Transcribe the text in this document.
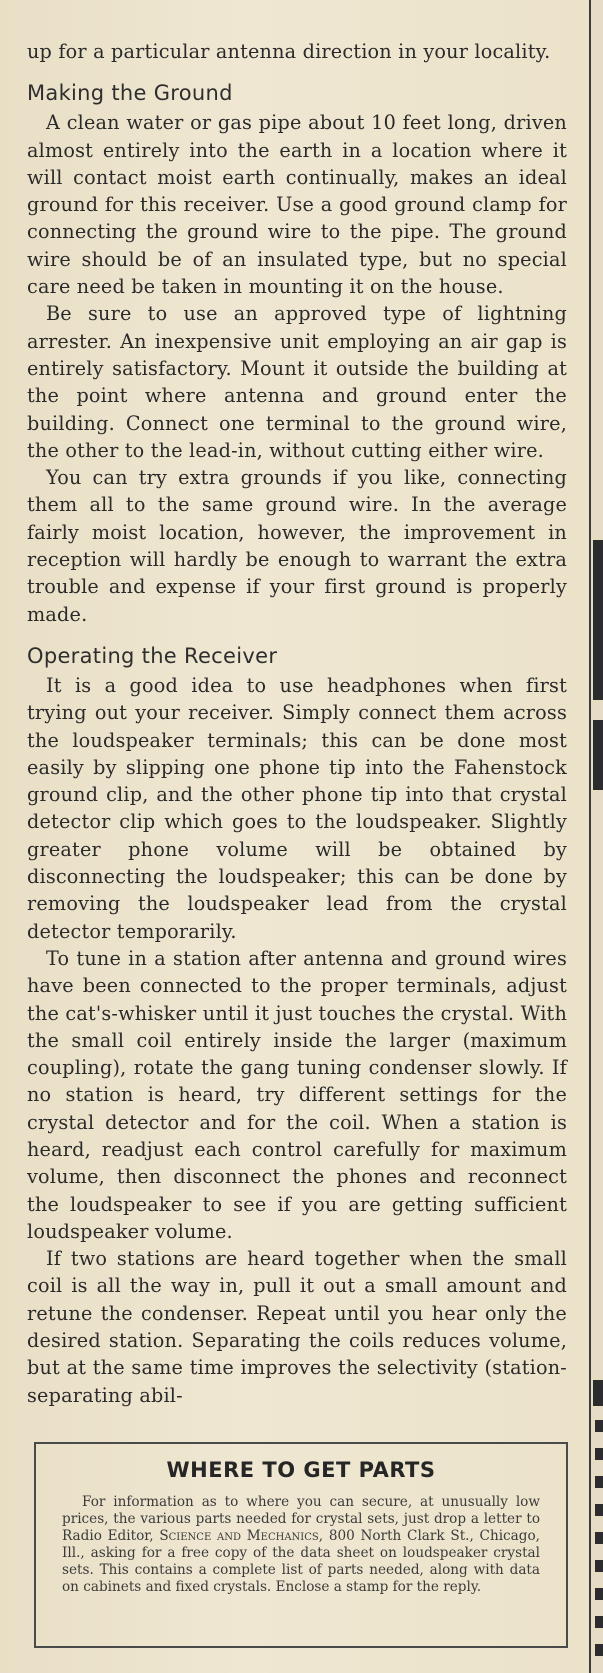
up for a particular antenna direction in your locality.

Making the Ground

A clean water or gas pipe about 10 feet long, driven almost entirely into the earth in a location where it will contact moist earth continually, makes an ideal ground for this receiver. Use a good ground clamp for connecting the ground wire to the pipe. The ground wire should be of an insulated type, but no special care need be taken in mounting it on the house.

Be sure to use an approved type of lightning arrester. An inexpensive unit employing an air gap is entirely satisfactory. Mount it outside the building at the point where antenna and ground enter the building. Connect one terminal to the ground wire, the other to the lead-in, without cutting either wire.

You can try extra grounds if you like, connecting them all to the same ground wire. In the average fairly moist location, however, the improvement in reception will hardly be enough to warrant the extra trouble and expense if your first ground is properly made.

Operating the Receiver

It is a good idea to use headphones when first trying out your receiver. Simply connect them across the loudspeaker terminals; this can be done most easily by slipping one phone tip into the Fahenstock ground clip, and the other phone tip into that crystal detector clip which goes to the loudspeaker. Slightly greater phone volume will be obtained by disconnecting the loudspeaker; this can be done by removing the loudspeaker lead from the crystal detector temporarily.

To tune in a station after antenna and ground wires have been connected to the proper terminals, adjust the cat's-whisker until it just touches the crystal. With the small coil entirely inside the larger (maximum coupling), rotate the gang tuning condenser slowly. If no station is heard, try different settings for the crystal detector and for the coil. When a station is heard, readjust each control carefully for maximum volume, then disconnect the phones and reconnect the loudspeaker to see if you are getting sufficient loudspeaker volume.

If two stations are heard together when the small coil is all the way in, pull it out a small amount and retune the condenser. Repeat until you hear only the desired station. Separating the coils reduces volume, but at the same time improves the selectivity (station-separating abil-

WHERE TO GET PARTS

For information as to where you can secure, at unusually low prices, the various parts needed for crystal sets, just drop a letter to Radio Editor, Science and Mechanics, 800 North Clark St., Chicago, Ill., asking for a free copy of the data sheet on loudspeaker crystal sets. This contains a complete list of parts needed, along with data on cabinets and fixed crystals. Enclose a stamp for the reply.
